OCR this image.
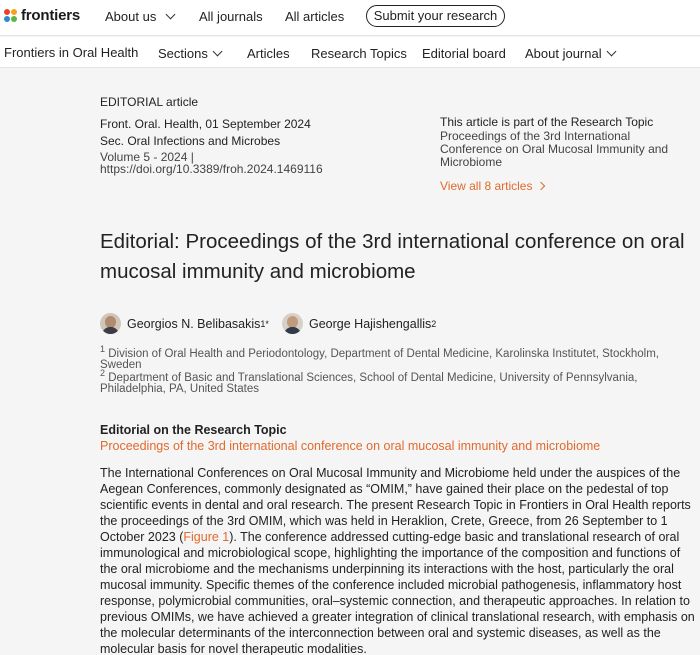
frontiers About us	All journals All articles	Submit your research
Frontiers in Oral Health Sections	Articles Research Topics Editorial board About journal
EDITORIAL article
Front. Oral. Health, 01 September 2024
Sec. Oral Infections and Microbes
Volume 5 - 2024 |
https://doi.org/10.3389/froh.2024.1469116
This article is part of the Research Topic
Proceedings of the 3rd International Conference on Oral Mucosal Immunity and Microbiome
View all 8 articles
Editorial: Proceedings of the 3rd international conference on oral mucosal immunity and microbiome
Georgios N. Belibasakis 1*	George Hajishengallis 2
$^1$ Division of Oral Health and Periodontology, Department of Dental Medicine, Karolinska Institutet, Stockholm, Sweden
$^2$ Department of Basic and Translational Sciences, School of Dental Medicine, University of Pennsylvania, Philadelphia, PA, United States
Editorial on the Research Topic
Proceedings of the 3rd international conference on oral mucosal immunity and microbiome

The International Conferences on Oral Mucosal Immunity and Microbiome held under the auspices of the Aegean Conferences, commonly designated as “OMIM,” have gained their place on the pedestal of top scientific events in dental and oral research. The present Research Topic in Frontiers in Oral Health reports the proceedings of the 3rd OMIM, which was held in Heraklion, Crete, Greece, from 26 September to 1 October 2023 (Figure 1). The conference addressed cutting-edge basic and translational research of oral immunological and microbiological scope, highlighting the importance of the composition and functions of the oral microbiome and the mechanisms underpinning its interactions with the host, particularly the oral mucosal immunity. Specific themes of the conference included microbial pathogenesis, inflammatory host response, polymicrobial communities, oral–systemic connection, and therapeutic approaches. In relation to previous OMIMs, we have achieved a greater integration of clinical translational research, with emphasis on the molecular determinants of the interconnection between oral and systemic diseases, as well as the molecular basis for novel therapeutic modalities.
